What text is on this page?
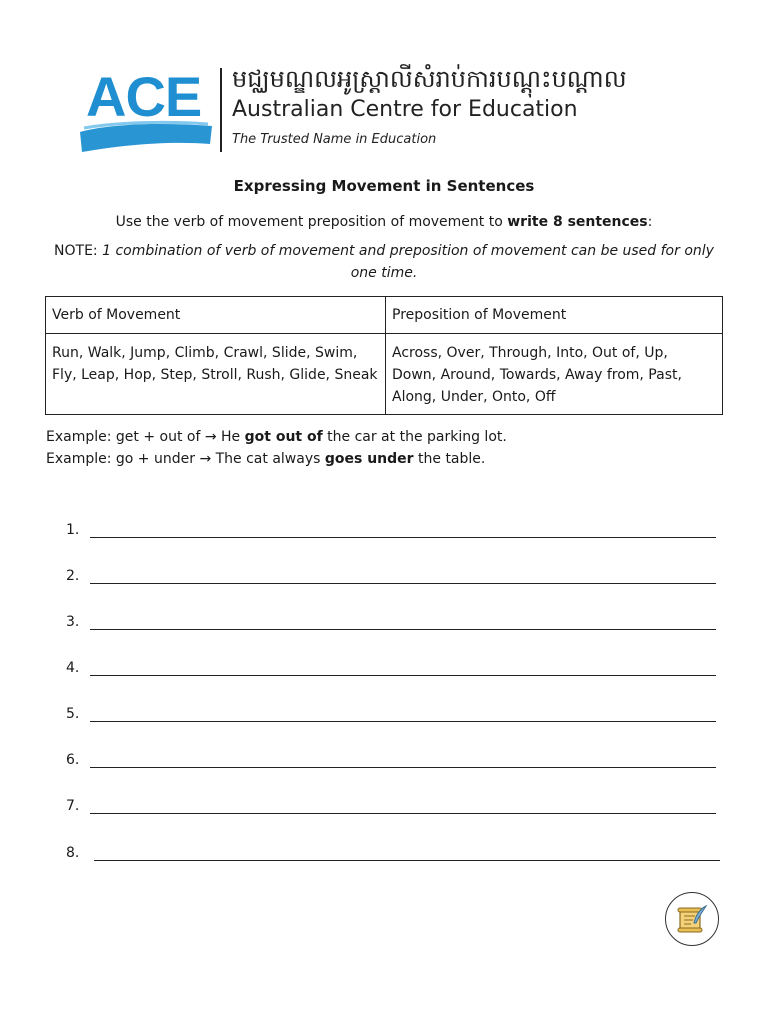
ACE មជ្ឈមណ្ឌលអូស្ត្រាលីសំរាប់ការបណ្តុះបណ្តាល
Australian Centre for Education
The Trusted Name in Education
Expressing Movement in Sentences
Use the verb of movement preposition of movement to write 8 sentences:
NOTE: 1 combination of verb of movement and preposition of movement can be used for only one time.
Verb of Movement	Preposition of Movement
Run, Walk, Jump, Climb, Crawl, Slide, Swim, Fly, Leap, Hop, Step, Stroll, Rush, Glide, Sneak	Across, Over, Through, Into, Out of, Up, Down, Around, Towards, Away from, Past, Along, Under, Onto, Off
Example: get + out of → He got out of the car at the parking lot.
Example: go + under → The cat always goes under the table.
1.
2.
3.
4.
5.
6.
7.
8.
